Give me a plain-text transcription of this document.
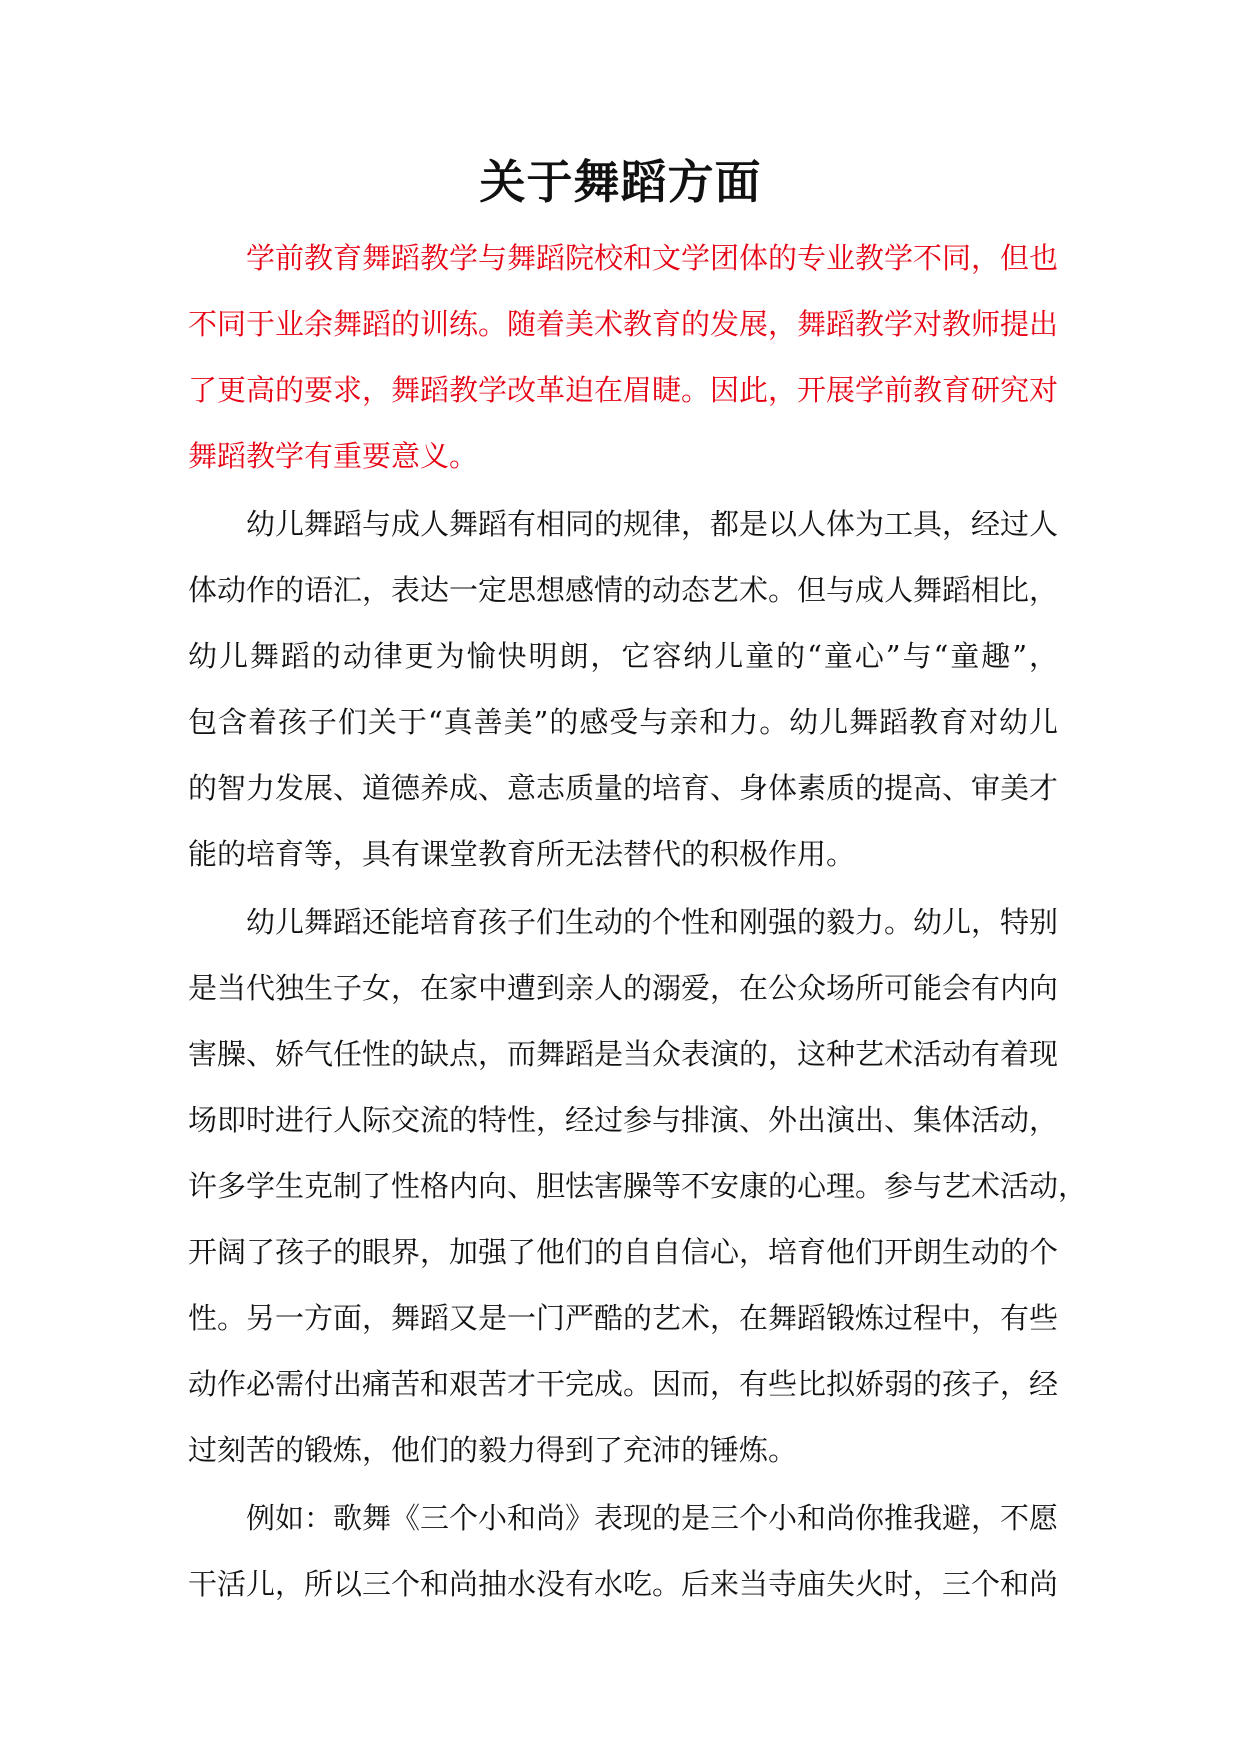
关于舞蹈方面
学前教育舞蹈教学与舞蹈院校和文学团体的专业教学不同，但也
不同于业余舞蹈的训练。随着美术教育的发展，舞蹈教学对教师提出
了更高的要求，舞蹈教学改革迫在眉睫。因此，开展学前教育研究对
舞蹈教学有重要意义。
幼儿舞蹈与成人舞蹈有相同的规律，都是以人体为工具，经过人
体动作的语汇，表达一定思想感情的动态艺术。但与成人舞蹈相比，
幼儿舞蹈的动律更为愉快明朗，它容纳儿童的“童心”与“童趣”，
包含着孩子们关于“真善美”的感受与亲和力。幼儿舞蹈教育对幼儿
的智力发展、道德养成、意志质量的培育、身体素质的提高、审美才
能的培育等，具有课堂教育所无法替代的积极作用。
幼儿舞蹈还能培育孩子们生动的个性和刚强的毅力。幼儿，特别
是当代独生子女，在家中遭到亲人的溺爱，在公众场所可能会有内向
害臊、娇气任性的缺点，而舞蹈是当众表演的，这种艺术活动有着现
场即时进行人际交流的特性，经过参与排演、外出演出、集体活动，
许多学生克制了性格内向、胆怯害臊等不安康的心理。参与艺术活动，
开阔了孩子的眼界，加强了他们的自自信心，培育他们开朗生动的个
性。另一方面，舞蹈又是一门严酷的艺术，在舞蹈锻炼过程中，有些
动作必需付出痛苦和艰苦才干完成。因而，有些比拟娇弱的孩子，经
过刻苦的锻炼，他们的毅力得到了充沛的锤炼。
例如：歌舞《三个小和尚》表现的是三个小和尚你推我避，不愿
干活儿，所以三个和尚抽水没有水吃。后来当寺庙失火时，三个和尚
